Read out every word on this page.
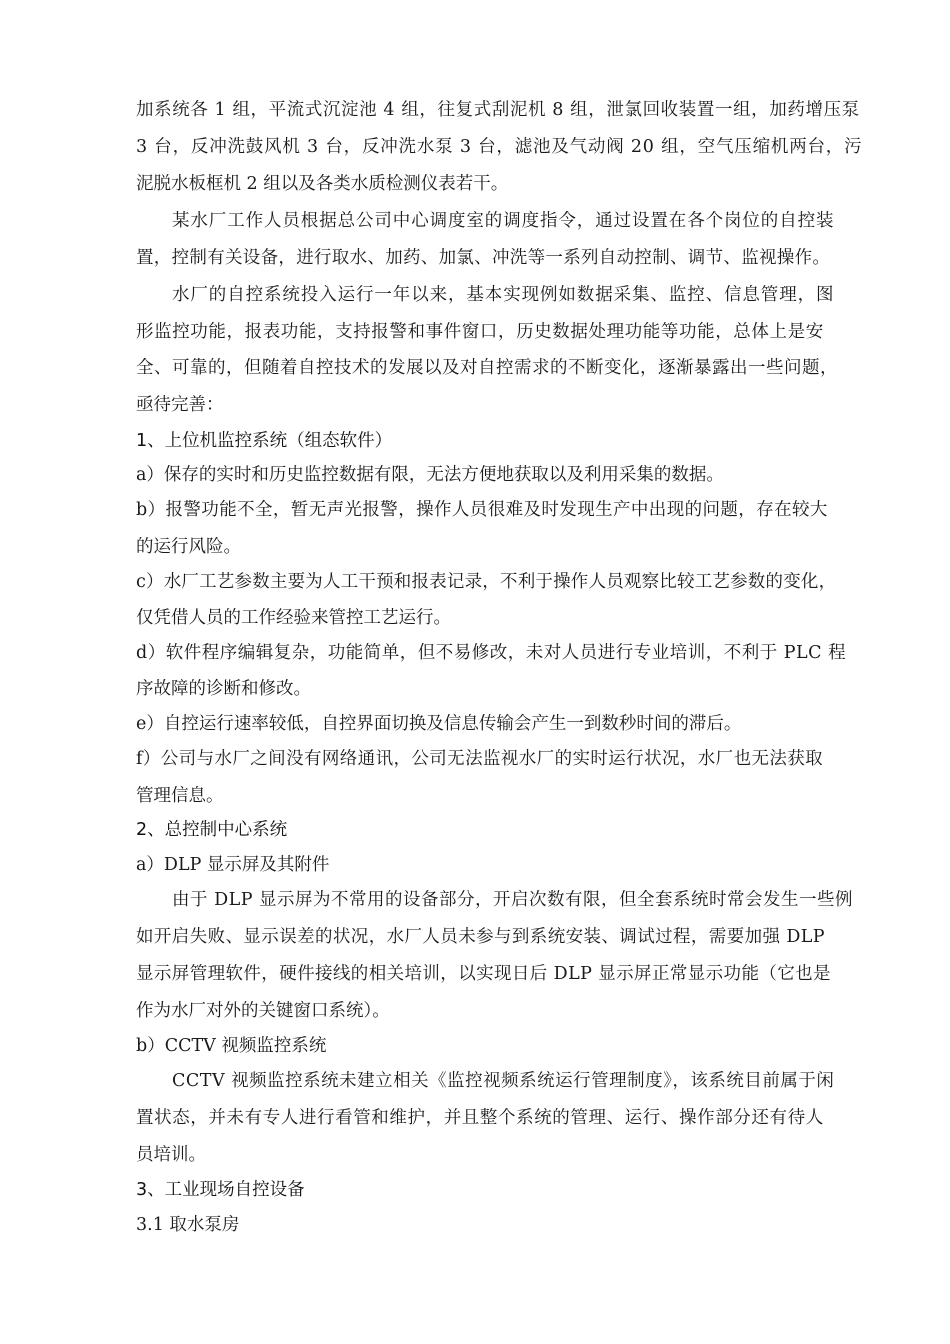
加系统各 1 组，平流式沉淀池 4 组，往复式刮泥机 8 组，泄氯回收装置一组，加药增压泵
3 台，反冲洗鼓风机 3 台，反冲洗水泵 3 台，滤池及气动阀 20 组，空气压缩机两台，污
泥脱水板框机 2 组以及各类水质检测仪表若干。
某水厂工作人员根据总公司中心调度室的调度指令，通过设置在各个岗位的自控装
置，控制有关设备，进行取水、加药、加氯、冲洗等一系列自动控制、调节、监视操作。
水厂的自控系统投入运行一年以来，基本实现例如数据采集、监控、信息管理，图
形监控功能，报表功能，支持报警和事件窗口，历史数据处理功能等功能，总体上是安
全、可靠的，但随着自控技术的发展以及对自控需求的不断变化，逐渐暴露出一些问题，
亟待完善：
1、上位机监控系统（组态软件）
a）保存的实时和历史监控数据有限，无法方便地获取以及利用采集的数据。
b）报警功能不全，暂无声光报警，操作人员很难及时发现生产中出现的问题，存在较大
的运行风险。
c）水厂工艺参数主要为人工干预和报表记录，不利于操作人员观察比较工艺参数的变化，
仅凭借人员的工作经验来管控工艺运行。
d）软件程序编辑复杂，功能简单，但不易修改，未对人员进行专业培训，不利于 PLC 程
序故障的诊断和修改。
e）自控运行速率较低，自控界面切换及信息传输会产生一到数秒时间的滞后。
f）公司与水厂之间没有网络通讯，公司无法监视水厂的实时运行状况，水厂也无法获取
管理信息。
2、总控制中心系统
a）DLP 显示屏及其附件
由于 DLP 显示屏为不常用的设备部分，开启次数有限，但全套系统时常会发生一些例
如开启失败、显示误差的状况，水厂人员未参与到系统安装、调试过程，需要加强 DLP
显示屏管理软件，硬件接线的相关培训，以实现日后 DLP 显示屏正常显示功能（它也是
作为水厂对外的关键窗口系统）。
b）CCTV 视频监控系统
CCTV 视频监控系统未建立相关《监控视频系统运行管理制度》，该系统目前属于闲
置状态，并未有专人进行看管和维护，并且整个系统的管理、运行、操作部分还有待人
员培训。
3、工业现场自控设备
3.1 取水泵房
